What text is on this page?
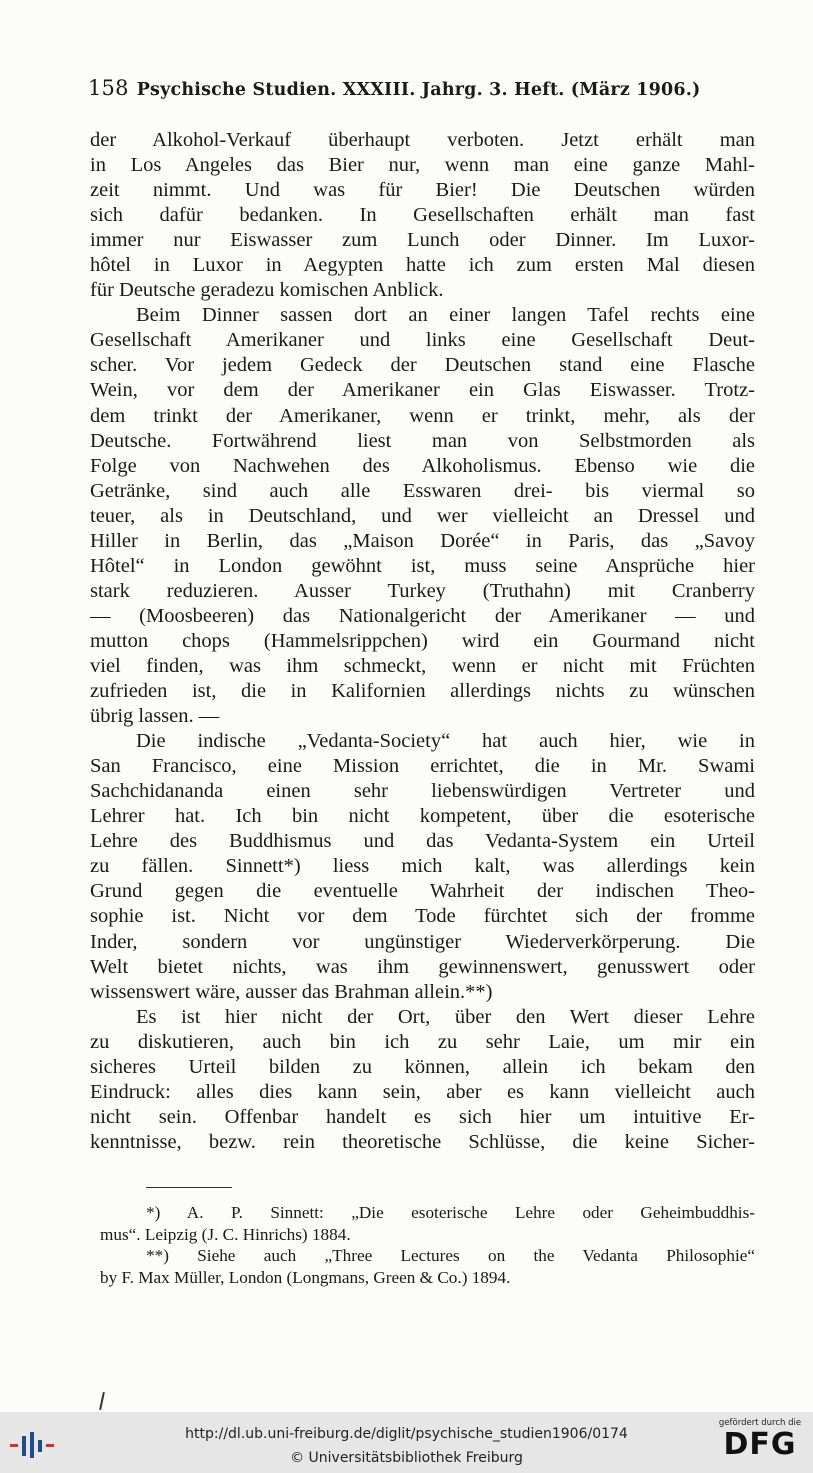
158 Psychische Studien. XXXIII. Jahrg. 3. Heft. (März 1906.)
der Alkohol-Verkauf überhaupt verboten. Jetzt erhält man
in Los Angeles das Bier nur, wenn man eine ganze Mahl-
zeit nimmt. Und was für Bier! Die Deutschen würden
sich dafür bedanken. In Gesellschaften erhält man fast
immer nur Eiswasser zum Lunch oder Dinner. Im Luxor-
hôtel in Luxor in Aegypten hatte ich zum ersten Mal diesen
für Deutsche geradezu komischen Anblick.
Beim Dinner sassen dort an einer langen Tafel rechts eine
Gesellschaft Amerikaner und links eine Gesellschaft Deut-
scher. Vor jedem Gedeck der Deutschen stand eine Flasche
Wein, vor dem der Amerikaner ein Glas Eiswasser. Trotz-
dem trinkt der Amerikaner, wenn er trinkt, mehr, als der
Deutsche. Fortwährend liest man von Selbstmorden als
Folge von Nachwehen des Alkoholismus. Ebenso wie die
Getränke, sind auch alle Esswaren drei- bis viermal so
teuer, als in Deutschland, und wer vielleicht an Dressel und
Hiller in Berlin, das „Maison Dorée“ in Paris, das „Savoy
Hôtel“ in London gewöhnt ist, muss seine Ansprüche hier
stark reduzieren. Ausser Turkey (Truthahn) mit Cranberry
— (Moosbeeren) das Nationalgericht der Amerikaner — und
mutton chops (Hammelsrippchen) wird ein Gourmand nicht
viel finden, was ihm schmeckt, wenn er nicht mit Früchten
zufrieden ist, die in Kalifornien allerdings nichts zu wünschen
übrig lassen. —
Die indische „Vedanta-Society“ hat auch hier, wie in
San Francisco, eine Mission errichtet, die in Mr. Swami
Sachchidananda einen sehr liebenswürdigen Vertreter und
Lehrer hat. Ich bin nicht kompetent, über die esoterische
Lehre des Buddhismus und das Vedanta-System ein Urteil
zu fällen. Sinnett*) liess mich kalt, was allerdings kein
Grund gegen die eventuelle Wahrheit der indischen Theo-
sophie ist. Nicht vor dem Tode fürchtet sich der fromme
Inder, sondern vor ungünstiger Wiederverkörperung. Die
Welt bietet nichts, was ihm gewinnenswert, genusswert oder
wissenswert wäre, ausser das Brahman allein.**)
Es ist hier nicht der Ort, über den Wert dieser Lehre
zu diskutieren, auch bin ich zu sehr Laie, um mir ein
sicheres Urteil bilden zu können, allein ich bekam den
Eindruck: alles dies kann sein, aber es kann vielleicht auch
nicht sein. Offenbar handelt es sich hier um intuitive Er-
kenntnisse, bezw. rein theoretische Schlüsse, die keine Sicher-
*) A. P. Sinnett: „Die esoterische Lehre oder Geheimbuddhis-
mus“. Leipzig (J. C. Hinrichs) 1884.
**) Siehe auch „Three Lectures on the Vedanta Philosophie“
by F. Max Müller, London (Longmans, Green & Co.) 1894.
http://dl.ub.uni-freiburg.de/diglit/psychische_studien1906/0174
© Universitätsbibliothek Freiburg
gefördert durch die
DFG
